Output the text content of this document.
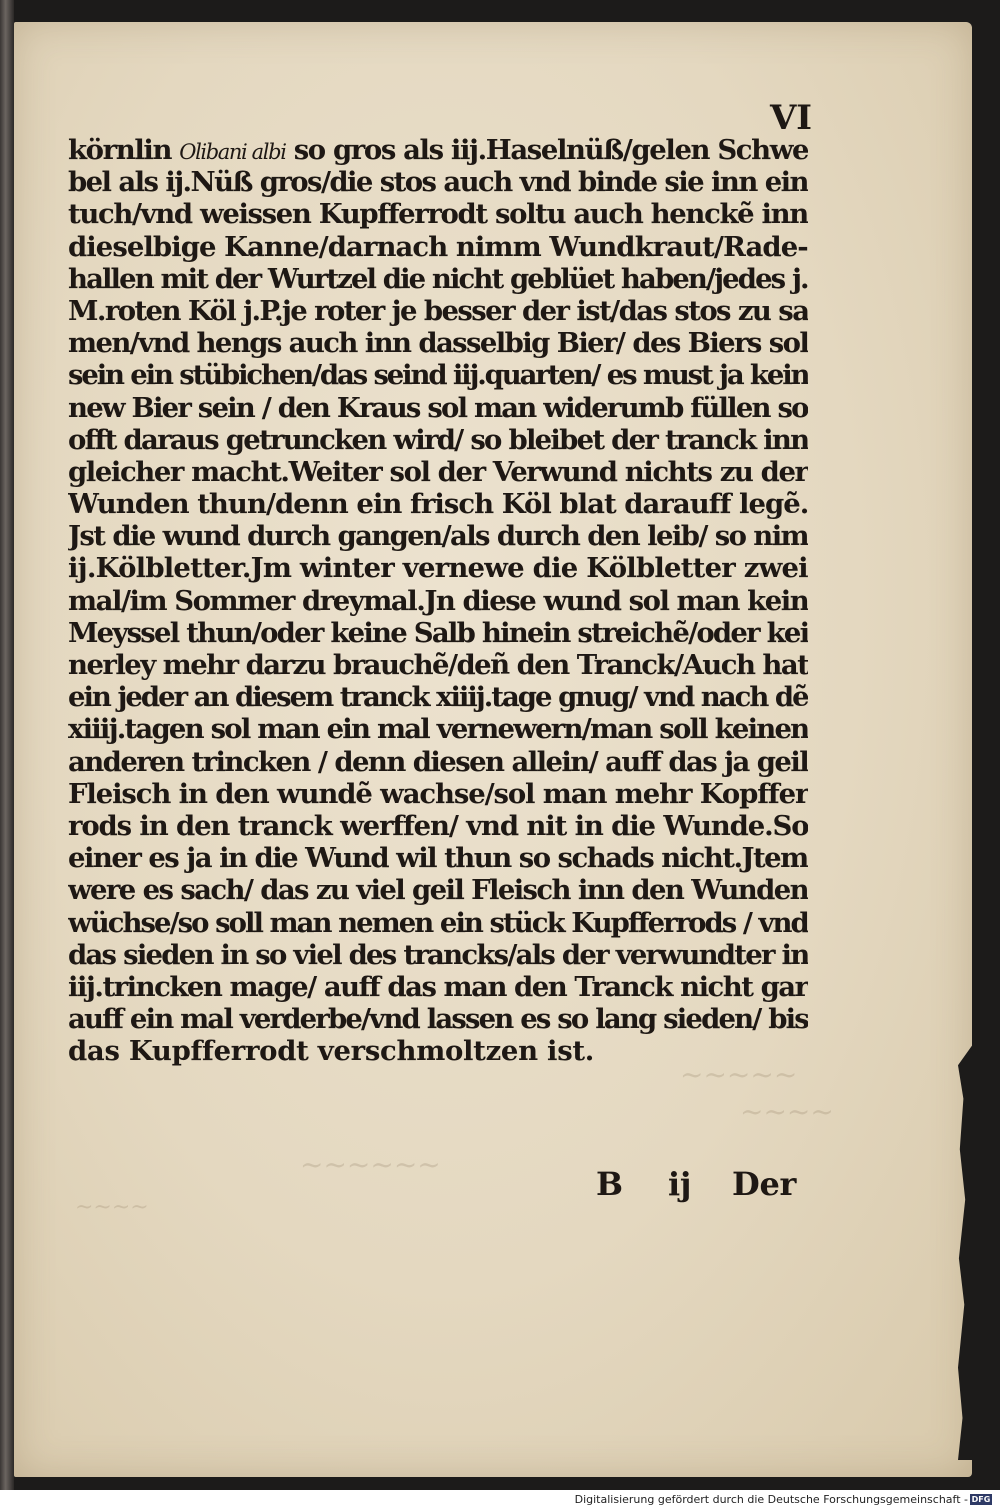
~~~~~
~~~~
~~~~~~
~~~~
VI
körnlin Olibani albi so gros als iij.Haselnüß/gelen Schwe
bel als ij.Nüß gros/die stos auch vnd binde sie inn ein
tuch/vnd weissen Kupfferrodt soltu auch henckẽ inn
dieselbige Kanne/darnach nimm Wundkraut/Rade-
hallen mit der Wurtzel die nicht geblüet haben/jedes j.
M.roten Köl j.P.je roter je besser der ist/das stos zu sa
men/vnd hengs auch inn dasselbig Bier/ des Biers sol
sein ein stübichen/das seind iij.quarten/ es must ja kein
new Bier sein / den Kraus sol man widerumb füllen so
offt daraus getruncken wird/ so bleibet der tranck inn
gleicher macht.Weiter sol der Verwund nichts zu der
Wunden thun/denn ein frisch Köl blat darauff legẽ.
Jst die wund durch gangen/als durch den leib/ so nim
ij.Kölbletter.Jm winter vernewe die Kölbletter zwei
mal/im Sommer dreymal.Jn diese wund sol man kein
Meyssel thun/oder keine Salb hinein streichẽ/oder kei
nerley mehr darzu brauchẽ/deñ den Tranck/Auch hat
ein jeder an diesem tranck xiiij.tage gnug/ vnd nach dẽ
xiiij.tagen sol man ein mal vernewern/man soll keinen
anderen trincken / denn diesen allein/ auff das ja geil
Fleisch in den wundẽ wachse/sol man mehr Kopffer
rods in den tranck werffen/ vnd nit in die Wunde.So
einer es ja in die Wund wil thun so schads nicht.Jtem
were es sach/ das zu viel geil Fleisch inn den Wunden
wüchse/so soll man nemen ein stück Kupfferrods / vnd
das sieden in so viel des trancks/als der verwundter in
iij.trincken mage/ auff das man den Tranck nicht gar
auff ein mal verderbe/vnd lassen es so lang sieden/ bis
das Kupfferrodt verschmoltzen ist.
B ij Der
Digitalisierung gefördert durch die Deutsche Forschungsgemeinschaft - DFG
